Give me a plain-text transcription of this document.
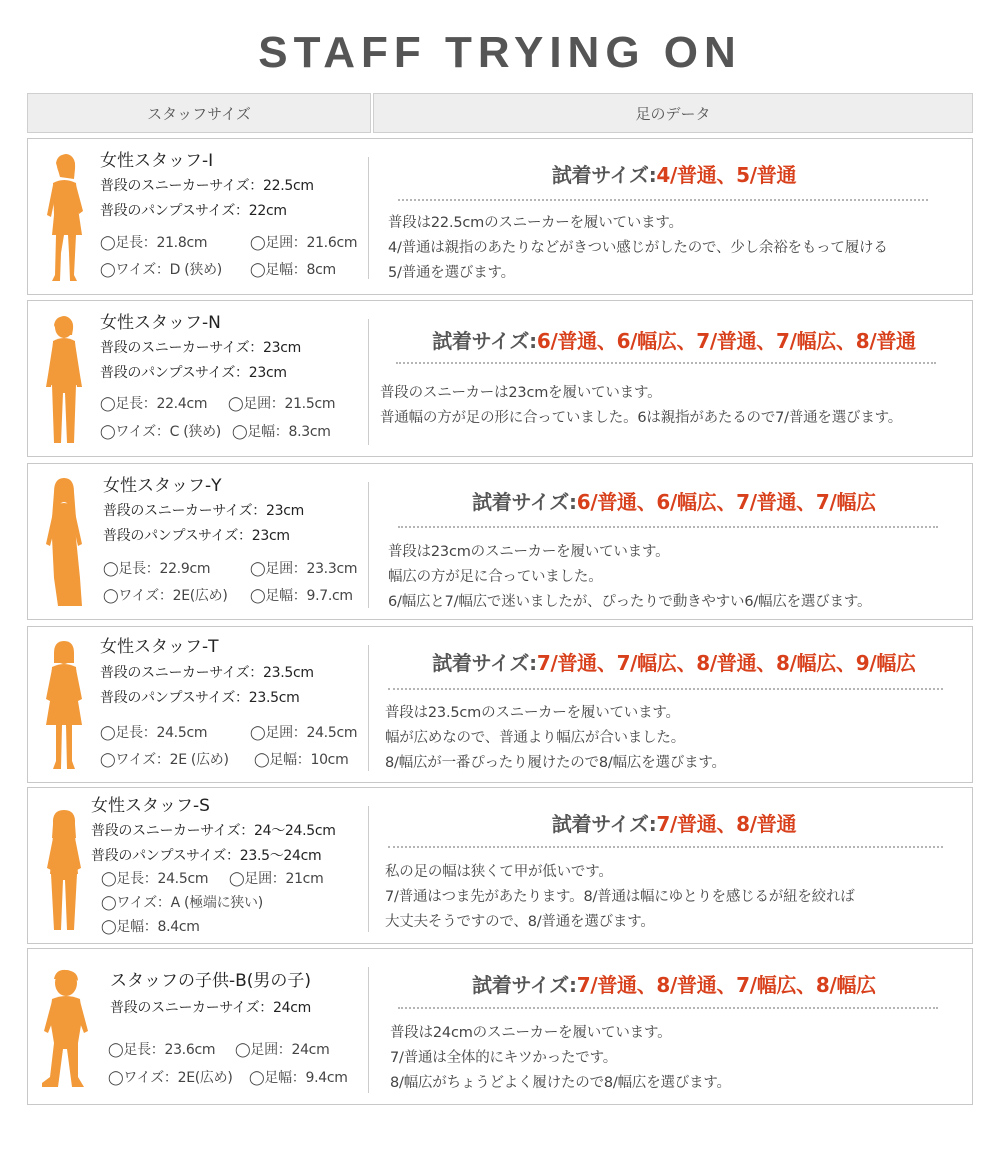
STAFF TRYING ON
スタッフサイズ	足のデータ
女性スタッフ-I
普段のスニーカーサイズ：22.5cm
普段のパンプスサイズ：22cm
◯足長：21.8cm	◯足囲：21.6cm
◯ワイズ：D (狭め) ◯足幅：8cm
試着サイズ:4/普通、5/普通
普段は22.5cmのスニーカーを履いています。
4/普通は親指のあたりなどがきつい感じがしたので、少し余裕をもって履ける
5/普通を選びます。
女性スタッフ-N
普段のスニーカーサイズ：23cm
普段のパンプスサイズ：23cm
◯足長：22.4cm ◯足囲：21.5cm
◯ワイズ：C (狭め) ◯足幅：8.3cm
試着サイズ:6/普通、6/幅広、7/普通、7/幅広、8/普通
普段のスニーカーは23cmを履いています。
普通幅の方が足の形に合っていました。6は親指があたるので7/普通を選びます。
女性スタッフ-Y
普段のスニーカーサイズ：23cm
普段のパンプスサイズ：23cm
◯足長：22.9cm	◯足囲：23.3cm
◯ワイズ：2E(広め) ◯足幅：9.7.cm
試着サイズ:6/普通、6/幅広、7/普通、7/幅広
普段は23cmのスニーカーを履いています。
幅広の方が足に合っていました。
6/幅広と7/幅広で迷いましたが、ぴったりで動きやすい6/幅広を選びます。
女性スタッフ-T
普段のスニーカーサイズ：23.5cm
普段のパンプスサイズ：23.5cm
◯足長：24.5cm	◯足囲：24.5cm
◯ワイズ：2E (広め) ◯足幅：10cm
試着サイズ:7/普通、7/幅広、8/普通、8/幅広、9/幅広
普段は23.5cmのスニーカーを履いています。
幅が広めなので、普通より幅広が合いました。
8/幅広が一番ぴったり履けたので8/幅広を選びます。
女性スタッフ-S
普段のスニーカーサイズ：24〜24.5cm
普段のパンプスサイズ：23.5〜24cm
◯足長：24.5cm ◯足囲：21cm
◯ワイズ：A (極端に狭い)
◯足幅：8.4cm
試着サイズ:7/普通、8/普通
私の足の幅は狭くて甲が低いです。
7/普通はつま先があたります。8/普通は幅にゆとりを感じるが紐を絞れば
大丈夫そうですので、8/普通を選びます。
スタッフの子供-B(男の子)
普段のスニーカーサイズ：24cm
◯足長：23.6cm ◯足囲：24cm
◯ワイズ：2E(広め) ◯足幅：9.4cm
試着サイズ:7/普通、8/普通、7/幅広、8/幅広
普段は24cmのスニーカーを履いています。
7/普通は全体的にキツかったです。
8/幅広がちょうどよく履けたので8/幅広を選びます。
